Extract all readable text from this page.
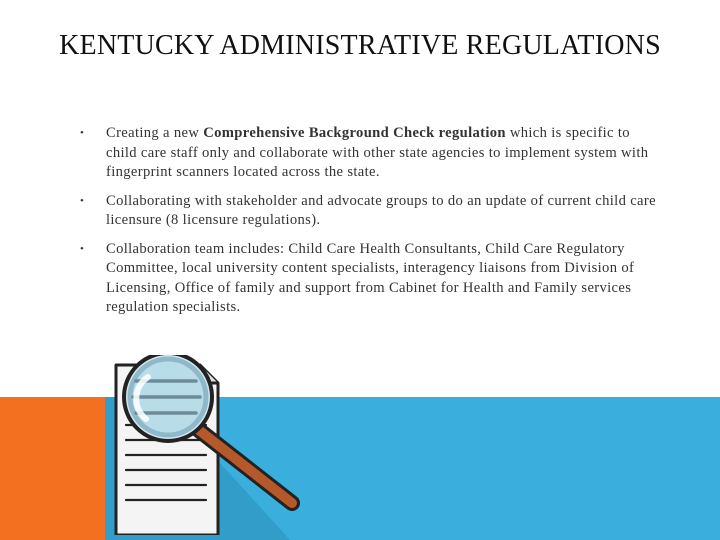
KENTUCKY ADMINISTRATIVE REGULATIONS
•	Creating a new Comprehensive Background Check regulation which is specific to child care staff only and collaborate with other state agencies to implement system with fingerprint scanners located across the state.
•	Collaborating with stakeholder and advocate groups to do an update of current child care licensure (8 licensure regulations).
•	Collaboration team includes: Child Care Health Consultants, Child Care Regulatory Committee, local university content specialists, interagency liaisons from Division of Licensing, Office of family and support from Cabinet for Health and Family services regulation specialists.
